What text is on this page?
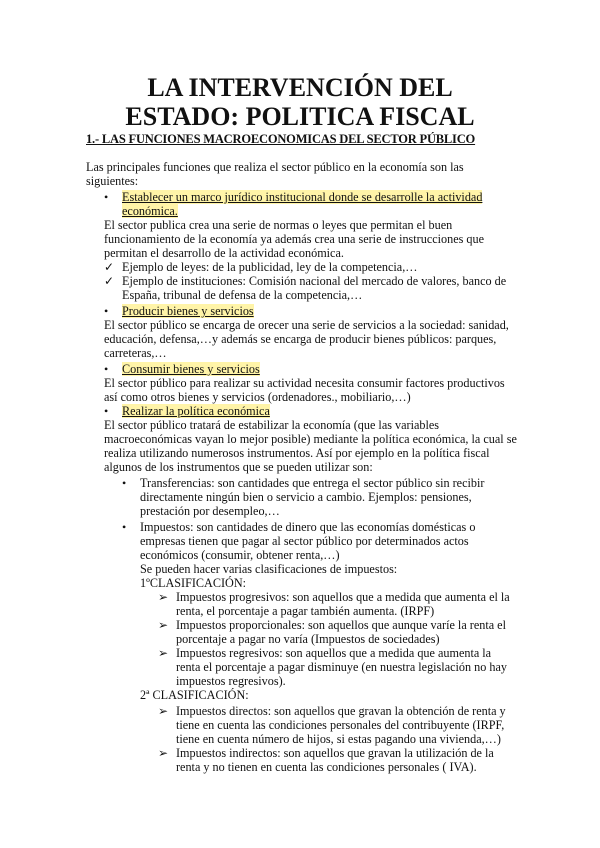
LA INTERVENCIÓN DEL
ESTADO: POLITICA FISCAL
1.- LAS FUNCIONES MACROECONOMICAS DEL SECTOR PÚBLICO
Las principales funciones que realiza el sector público en la economía son las
siguientes:
• Establecer un marco jurídico institucional donde se desarrolle la actividad
económica.
El sector publica crea una serie de normas o leyes que permitan el buen
funcionamiento de la economía ya además crea una serie de instrucciones que
permitan el desarrollo de la actividad económica.
✓ Ejemplo de leyes: de la publicidad, ley de la competencia,…
✓ Ejemplo de instituciones: Comisión nacional del mercado de valores, banco de
España, tribunal de defensa de la competencia,…
• Producir bienes y servicios
El sector público se encarga de orecer una serie de servicios a la sociedad: sanidad,
educación, defensa,…y además se encarga de producir bienes públicos: parques,
carreteras,…
• Consumir bienes y servicios
El sector público para realizar su actividad necesita consumir factores productivos
así como otros bienes y servicios (ordenadores., mobiliario,…)
• Realizar la política económica
El sector público tratará de estabilizar la economía (que las variables
macroeconómicas vayan lo mejor posible) mediante la política económica, la cual se
realiza utilizando numerosos instrumentos. Así por ejemplo en la política fiscal
algunos de los instrumentos que se pueden utilizar son:
• Transferencias: son cantidades que entrega el sector público sin recibir
directamente ningún bien o servicio a cambio. Ejemplos: pensiones,
prestación por desempleo,…
• Impuestos: son cantidades de dinero que las economías domésticas o
empresas tienen que pagar al sector público por determinados actos
económicos (consumir, obtener renta,…)
Se pueden hacer varias clasificaciones de impuestos:
1ºCLASIFICACIÓN:
➢ Impuestos progresivos: son aquellos que a medida que aumenta el la
renta, el porcentaje a pagar también aumenta. (IRPF)
➢ Impuestos proporcionales: son aquellos que aunque varíe la renta el
porcentaje a pagar no varía (Impuestos de sociedades)
➢ Impuestos regresivos: son aquellos que a medida que aumenta la
renta el porcentaje a pagar disminuye (en nuestra legislación no hay
impuestos regresivos).
2ª CLASIFICACIÓN:
➢ Impuestos directos: son aquellos que gravan la obtención de renta y
tiene en cuenta las condiciones personales del contribuyente (IRPF,
tiene en cuenta número de hijos, si estas pagando una vivienda,…)
➢ Impuestos indirectos: son aquellos que gravan la utilización de la
renta y no tienen en cuenta las condiciones personales ( IVA).
